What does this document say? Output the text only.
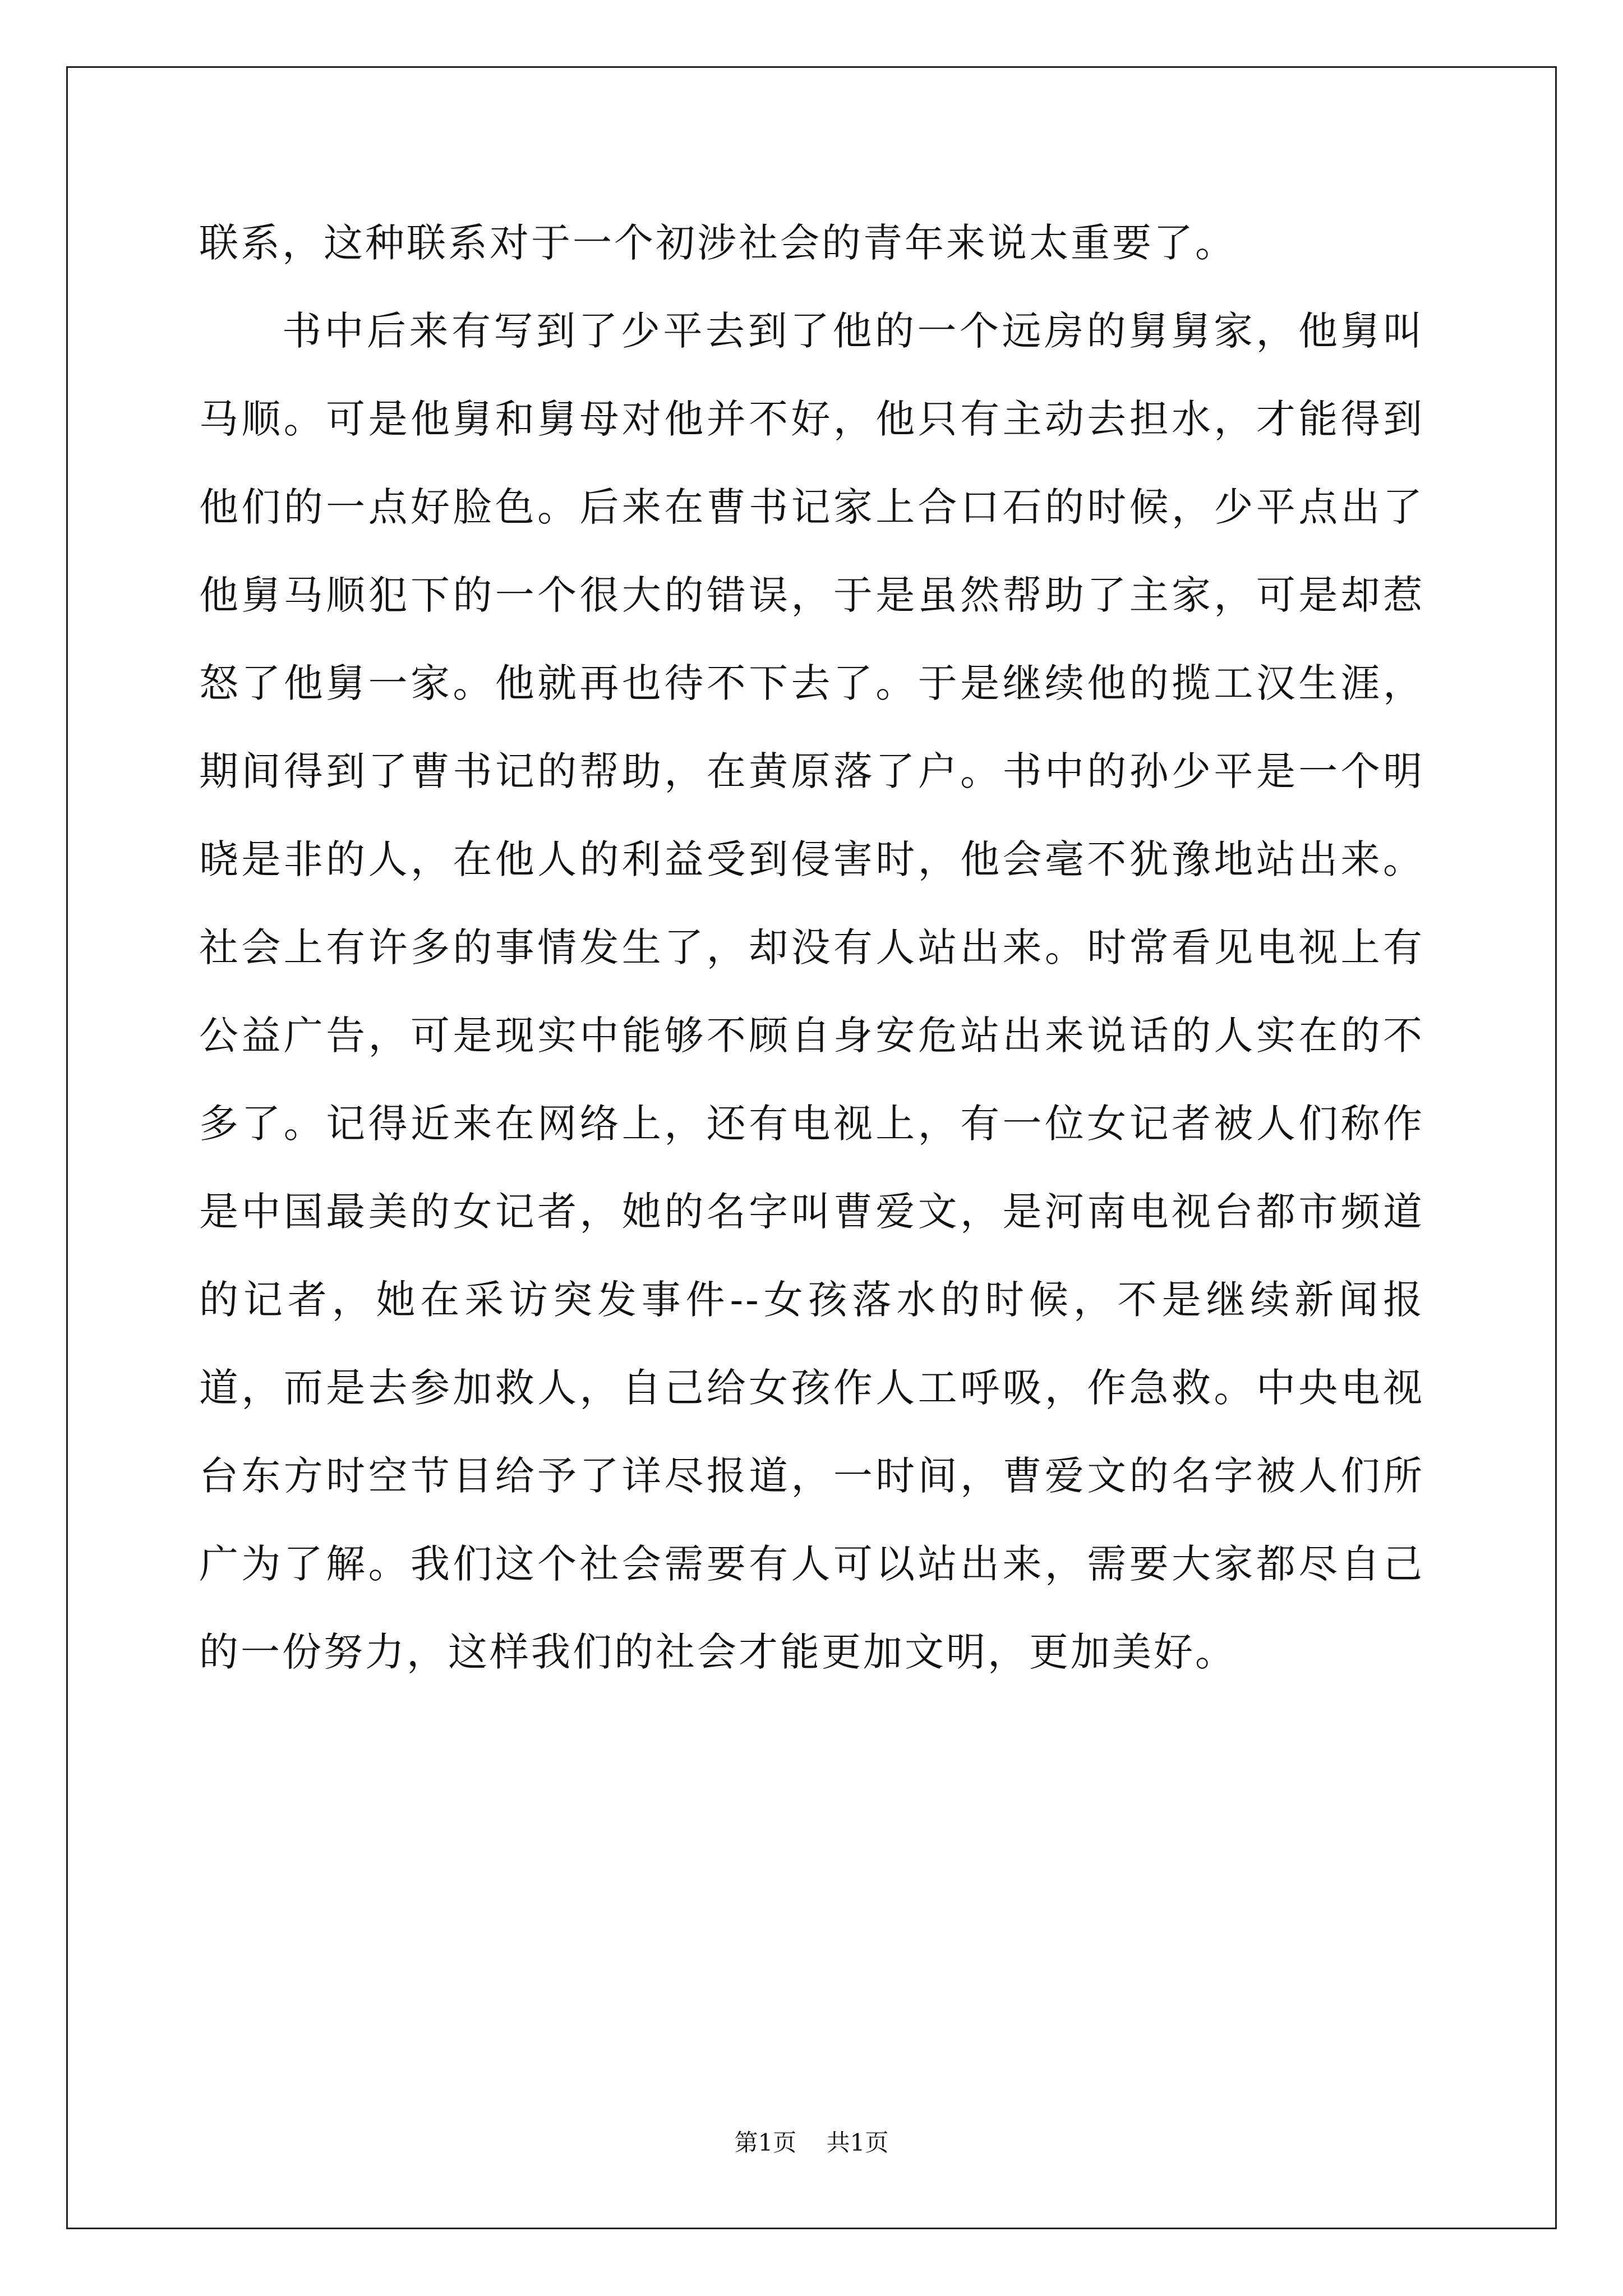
联系，这种联系对于一个初涉社会的青年来说太重要了。

书中后来有写到了少平去到了他的一个远房的舅舅家，他舅叫马顺。可是他舅和舅母对他并不好，他只有主动去担水，才能得到他们的一点好脸色。后来在曹书记家上合口石的时候，少平点出了他舅马顺犯下的一个很大的错误，于是虽然帮助了主家，可是却惹怒了他舅一家。他就再也待不下去了。于是继续他的揽工汉生涯，期间得到了曹书记的帮助，在黄原落了户。书中的孙少平是一个明晓是非的人，在他人的利益受到侵害时，他会毫不犹豫地站出来。社会上有许多的事情发生了，却没有人站出来。时常看见电视上有公益广告，可是现实中能够不顾自身安危站出来说话的人实在的不多了。记得近来在网络上，还有电视上，有一位女记者被人们称作是中国最美的女记者，她的名字叫曹爱文，是河南电视台都市频道的记者，她在采访突发事件--女孩落水的时候，不是继续新闻报道，而是去参加救人，自己给女孩作人工呼吸，作急救。中央电视台东方时空节目给予了详尽报道，一时间，曹爱文的名字被人们所广为了解。我们这个社会需要有人可以站出来，需要大家都尽自己的一份努力，这样我们的社会才能更加文明，更加美好。

第1页 共1页
